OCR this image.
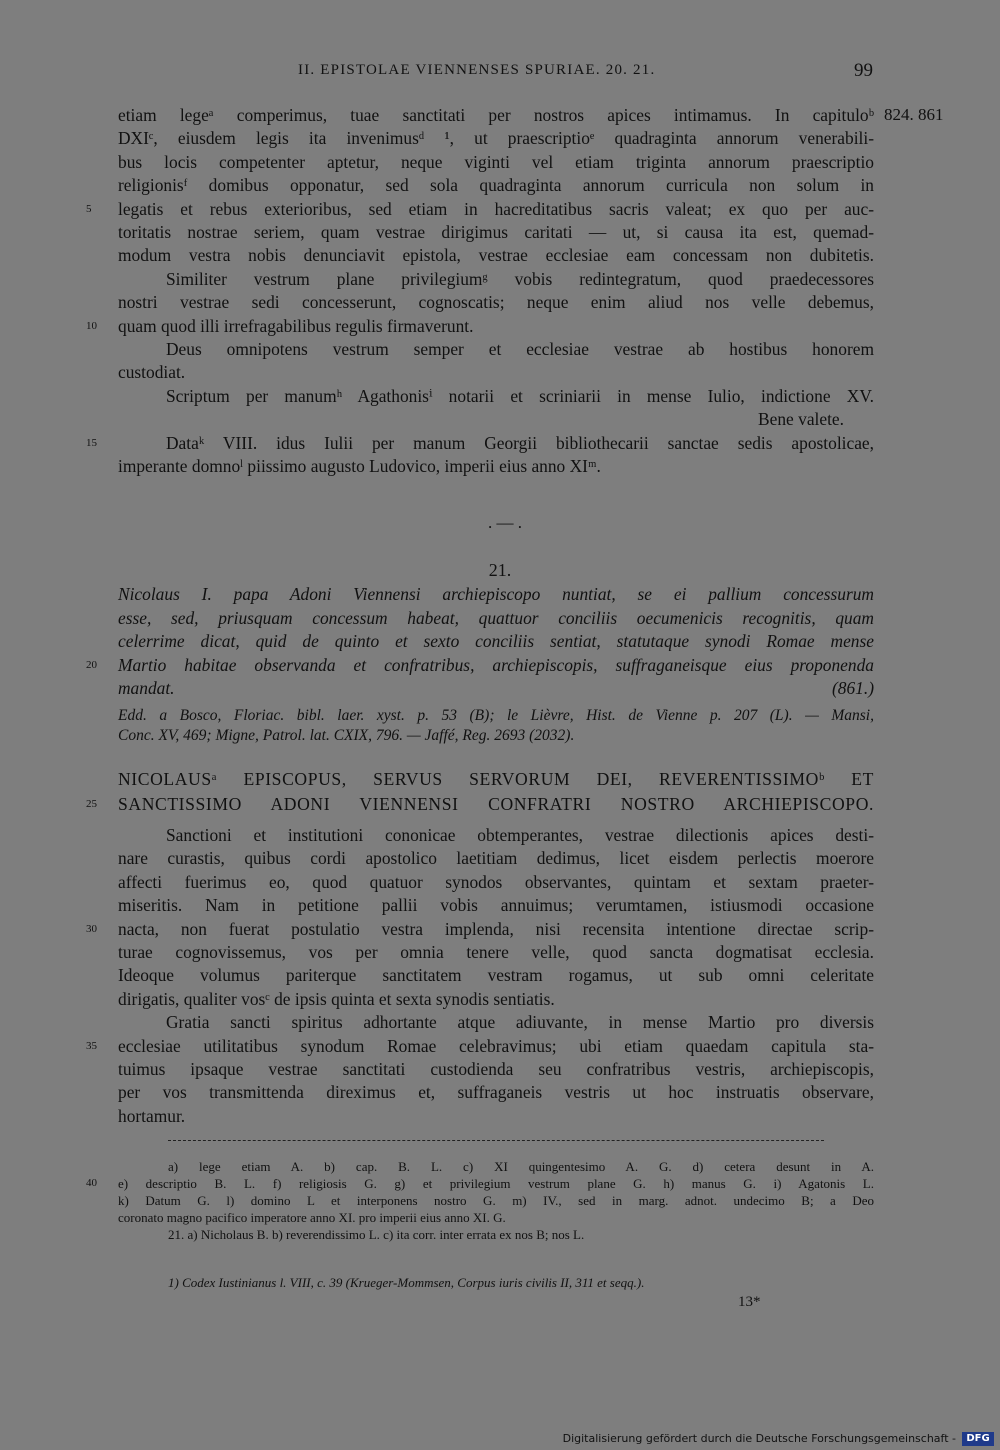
II. EPISTOLAE VIENNENSES SPURIAE. 20. 21.	99
824. 861
etiam legeᵃ comperimus, tuae sanctitati per nostros apices intimamus. In capituloᵇ
DXIᶜ, eiusdem legis ita invenimusᵈ ¹, ut praescriptioᵉ quadraginta annorum venerabili-
bus locis competenter aptetur, neque viginti vel etiam triginta annorum praescriptio
religionisᶠ domibus opponatur, sed sola quadraginta annorum curricula non solum in
legatis et rebus exterioribus, sed etiam in hacreditatibus sacris valeat; ex quo per auc-
5
toritatis nostrae seriem, quam vestrae dirigimus caritati — ut, si causa ita est, quemad-
modum vestra nobis denunciavit epistola, vestrae ecclesiae eam concessam non dubitetis.
Similiter vestrum plane privilegiumᵍ vobis redintegratum, quod praedecessores
nostri vestrae sedi concesserunt, cognoscatis; neque enim aliud nos velle debemus,
quam quod illi irrefragabilibus regulis firmaverunt.
10
Deus omnipotens vestrum semper et ecclesiae vestrae ab hostibus honorem
custodiat.
Scriptum per manumʰ Agathonisⁱ notarii et scriniarii in mense Iulio, indictione XV.
Bene valete.
Dataᵏ VIII. idus Iulii per manum Georgii bibliothecarii sanctae sedis apostolicae,
15
imperante domnoˡ piissimo augusto Ludovico, imperii eius anno XIᵐ.
. — .
21.
Nicolaus I. papa Adoni Viennensi archiepiscopo nuntiat, se ei pallium concessurum
esse, sed, priusquam concessum habeat, quattuor conciliis oecumenicis recognitis, quam
celerrime dicat, quid de quinto et sexto conciliis sentiat, statutaque synodi Romae mense
Martio habitae observanda et confratribus, archiepiscopis, suffraganeisque eius proponenda
20
mandat.	(861.)
Edd. a Bosco, Floriac. bibl. laer. xyst. p. 53 (B); le Lièvre, Hist. de Vienne p. 207 (L). — Mansi,
Conc. XV, 469; Migne, Patrol. lat. CXIX, 796. — Jaffé, Reg. 2693 (2032).
NICOLAUSᵃ EPISCOPUS, SERVUS SERVORUM DEI, REVERENTISSIMOᵇ ET
SANCTISSIMO ADONI VIENNENSI CONFRATRI NOSTRO ARCHIEPISCOPO.
25
Sanctioni et institutioni cononicae obtemperantes, vestrae dilectionis apices desti-
nare curastis, quibus cordi apostolico laetitiam dedimus, licet eisdem perlectis moerore
affecti fuerimus eo, quod quatuor synodos observantes, quintam et sextam praeter-
miseritis. Nam in petitione pallii vobis annuimus; verumtamen, istiusmodi occasione
nacta, non fuerat postulatio vestra implenda, nisi recensita intentione directae scrip-
30
turae cognovissemus, vos per omnia tenere velle, quod sancta dogmatisat ecclesia.
Ideoque volumus pariterque sanctitatem vestram rogamus, ut sub omni celeritate
dirigatis, qualiter vosᶜ de ipsis quinta et sexta synodis sentiatis.
Gratia sancti spiritus adhortante atque adiuvante, in mense Martio pro diversis
ecclesiae utilitatibus synodum Romae celebravimus; ubi etiam quaedam capitula sta-
35
tuimus ipsaque vestrae sanctitati custodienda seu confratribus vestris, archiepiscopis,
per vos transmittenda direximus et, suffraganeis vestris ut hoc instruatis observare,
hortamur.
a) lege etiam A. b) cap. B. L. c) XI quingentesimo A. G. d) cetera desunt in A.
e) descriptio B. L. f) religiosis G. g) et privilegium vestrum plane G. h) manus G. i) Agatonis L.
40
k) Datum G. l) domino L et interponens nostro G. m) IV., sed in marg. adnot. undecimo B; a Deo
coronato magno pacifico imperatore anno XI. pro imperii eius anno XI. G.
21. a) Nicholaus B. b) reverendissimo L. c) ita corr. inter errata ex nos B; nos L.
1) Codex Iustinianus l. VIII, c. 39 (Krueger-Mommsen, Corpus iuris civilis II, 311 et seqq.).
13*
Digitalisierung gefördert durch die Deutsche Forschungsgemeinschaft -	DFG
